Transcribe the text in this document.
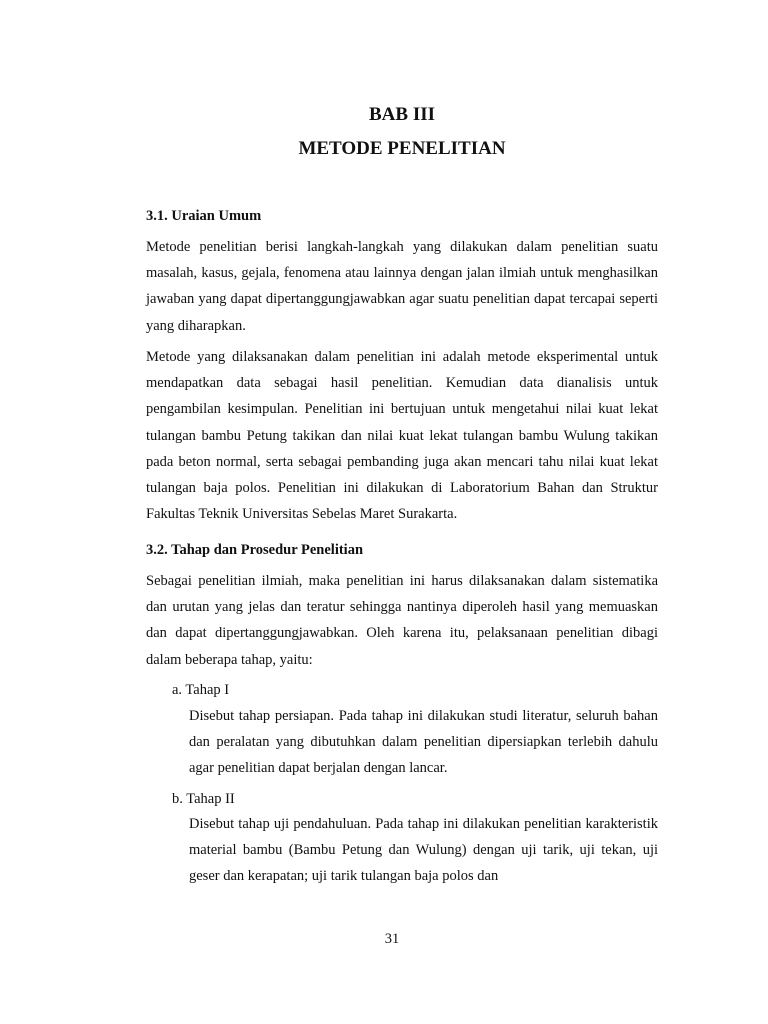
BAB III
METODE PENELITIAN
3.1. Uraian Umum

Metode penelitian berisi langkah-langkah yang dilakukan dalam penelitian suatu masalah, kasus, gejala, fenomena atau lainnya dengan jalan ilmiah untuk menghasilkan jawaban yang dapat dipertanggungjawabkan agar suatu penelitian dapat tercapai seperti yang diharapkan.

Metode yang dilaksanakan dalam penelitian ini adalah metode eksperimental untuk mendapatkan data sebagai hasil penelitian. Kemudian data dianalisis untuk pengambilan kesimpulan. Penelitian ini bertujuan untuk mengetahui nilai kuat lekat tulangan bambu Petung takikan dan nilai kuat lekat tulangan bambu Wulung takikan pada beton normal, serta sebagai pembanding juga akan mencari tahu nilai kuat lekat tulangan baja polos. Penelitian ini dilakukan di Laboratorium Bahan dan Struktur Fakultas Teknik Universitas Sebelas Maret Surakarta.

3.2. Tahap dan Prosedur Penelitian

Sebagai penelitian ilmiah, maka penelitian ini harus dilaksanakan dalam sistematika dan urutan yang jelas dan teratur sehingga nantinya diperoleh hasil yang memuaskan dan dapat dipertanggungjawabkan. Oleh karena itu, pelaksanaan penelitian dibagi dalam beberapa tahap, yaitu:

a. Tahap I

Disebut tahap persiapan. Pada tahap ini dilakukan studi literatur, seluruh bahan dan peralatan yang dibutuhkan dalam penelitian dipersiapkan terlebih dahulu agar penelitian dapat berjalan dengan lancar.

b. Tahap II

Disebut tahap uji pendahuluan. Pada tahap ini dilakukan penelitian karakteristik material bambu (Bambu Petung dan Wulung) dengan uji tarik, uji tekan, uji geser dan kerapatan; uji tarik tulangan baja polos dan

31
